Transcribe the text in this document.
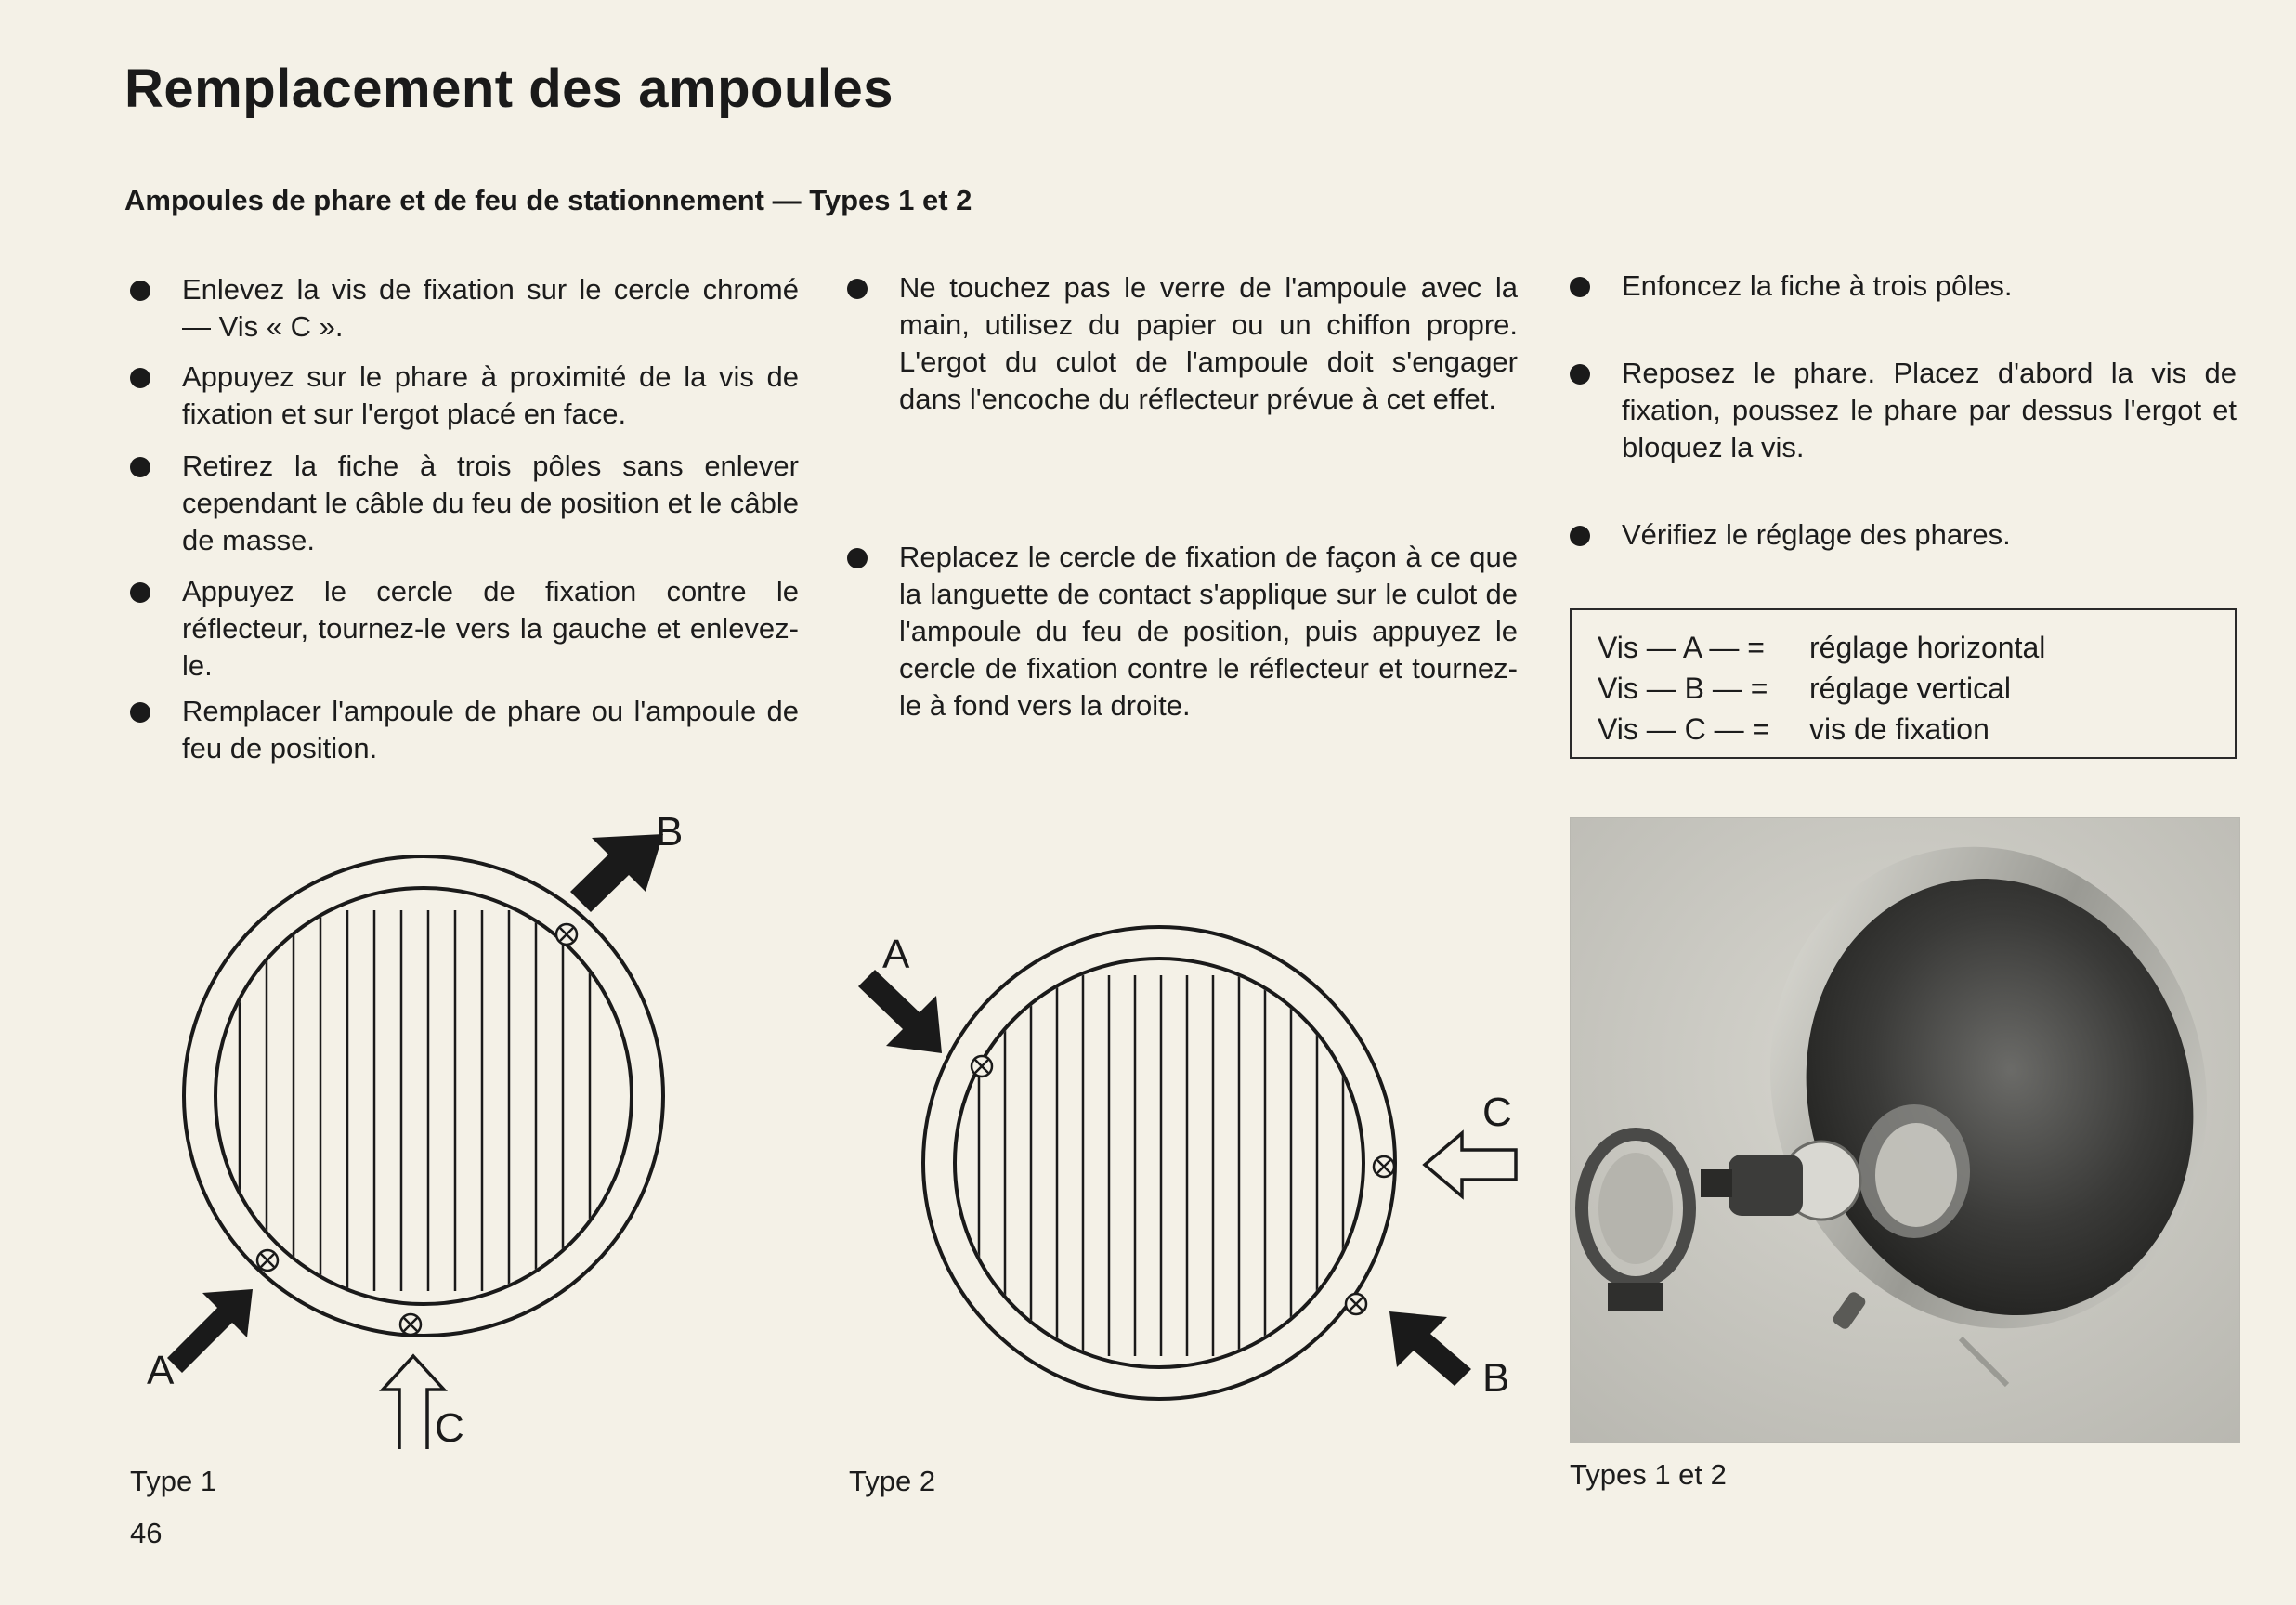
Remplacement des ampoules
Ampoules de phare et de feu de stationnement — Types 1 et 2
Enlevez la vis de fixation sur le cercle chromé — Vis « C ».
Appuyez sur le phare à proximité de la vis de fixation et sur l'ergot placé en face.
Retirez la fiche à trois pôles sans enlever cependant le câble du feu de position et le câble de masse.
Appuyez le cercle de fixation contre le réflecteur, tournez-le vers la gauche et enlevez-le.
Remplacer l'ampoule de phare ou l'ampoule de feu de position.
Ne touchez pas le verre de l'ampoule avec la main, utilisez du papier ou un chiffon propre. L'ergot du culot de l'ampoule doit s'engager dans l'encoche du réflecteur prévue à cet effet.
Replacez le cercle de fixation de façon à ce que la languette de contact s'applique sur le culot de l'ampoule du feu de position, puis appuyez le cercle de fixation contre le réflecteur et tournez-le à fond vers la droite.
Enfoncez la fiche à trois pôles.
Reposez le phare. Placez d'abord la vis de fixation, poussez le phare par dessus l'ergot et bloquez la vis.
Vérifiez le réglage des phares.
Vis — A — =	réglage horizontal
Vis — B — =	réglage vertical
Vis — C — =	vis de fixation
B
A
C
Type 1
A
C
B
Type 2	Types 1 et 2
46
